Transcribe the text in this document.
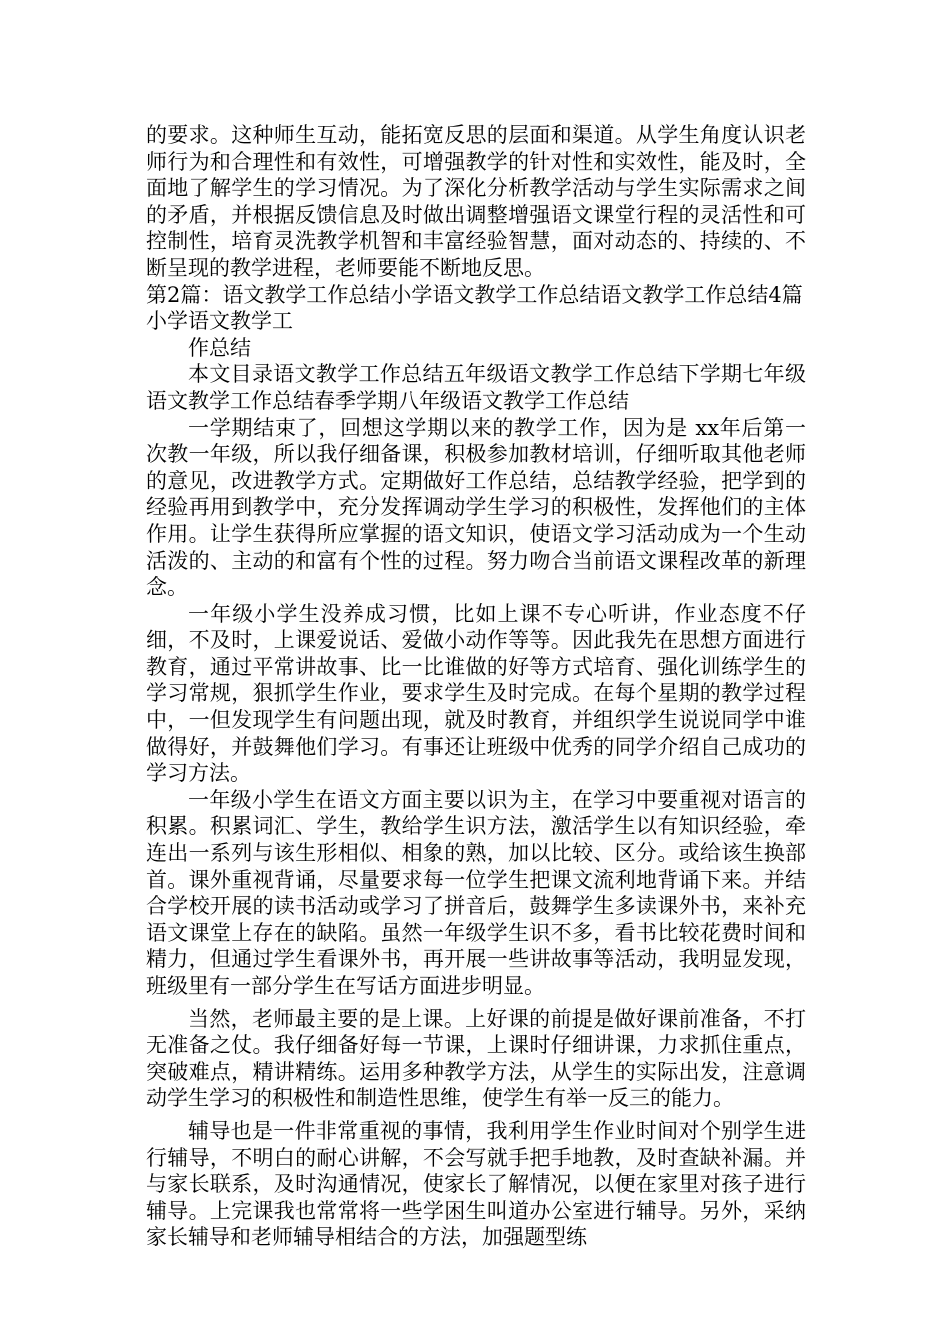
的要求。这种师生互动，能拓宽反思的层面和渠道。从学生角度认识老师行为和合理性和有效性，可增强教学的针对性和实效性，能及时，全面地了解学生的学习情况。为了深化分析教学活动与学生实际需求之间的矛盾，并根据反馈信息及时做出调整增强语文课堂行程的灵活性和可控制性，培育灵洗教学机智和丰富经验智慧，面对动态的、持续的、不断呈现的教学进程，老师要能不断地反思。

第2篇：语文教学工作总结小学语文教学工作总结语文教学工作总结4篇小学语文教学工

作总结

本文目录语文教学工作总结五年级语文教学工作总结下学期七年级语文教学工作总结春季学期八年级语文教学工作总结

一学期结束了，回想这学期以来的教学工作，因为是 xx年后第一次教一年级，所以我仔细备课，积极参加教材培训，仔细听取其他老师的意见，改进教学方式。定期做好工作总结，总结教学经验，把学到的经验再用到教学中，充分发挥调动学生学习的积极性，发挥他们的主体作用。让学生获得所应掌握的语文知识，使语文学习活动成为一个生动活泼的、主动的和富有个性的过程。努力吻合当前语文课程改革的新理念。

一年级小学生没养成习惯，比如上课不专心听讲，作业态度不仔细，不及时，上课爱说话、爱做小动作等等。因此我先在思想方面进行教育，通过平常讲故事、比一比谁做的好等方式培育、强化训练学生的学习常规，狠抓学生作业，要求学生及时完成。在每个星期的教学过程中，一但发现学生有问题出现，就及时教育，并组织学生说说同学中谁做得好，并鼓舞他们学习。有事还让班级中优秀的同学介绍自己成功的学习方法。

一年级小学生在语文方面主要以识为主，在学习中要重视对语言的积累。积累词汇、学生，教给学生识方法，激活学生以有知识经验，牵连出一系列与该生形相似、相象的熟，加以比较、区分。或给该生换部首。课外重视背诵，尽量要求每一位学生把课文流利地背诵下来。并结合学校开展的读书活动或学习了拼音后，鼓舞学生多读课外书，来补充语文课堂上存在的缺陷。虽然一年级学生识不多，看书比较花费时间和精力，但通过学生看课外书，再开展一些讲故事等活动，我明显发现，班级里有一部分学生在写话方面进步明显。

当然，老师最主要的是上课。上好课的前提是做好课前准备，不打无准备之仗。我仔细备好每一节课，上课时仔细讲课，力求抓住重点，突破难点，精讲精练。运用多种教学方法，从学生的实际出发，注意调动学生学习的积极性和制造性思维，使学生有举一反三的能力。

辅导也是一件非常重视的事情，我利用学生作业时间对个别学生进行辅导，不明白的耐心讲解，不会写就手把手地教，及时查缺补漏。并与家长联系，及时沟通情况，使家长了解情况，以便在家里对孩子进行辅导。上完课我也常常将一些学困生叫道办公室进行辅导。另外，采纳家长辅导和老师辅导相结合的方法，加强题型练
